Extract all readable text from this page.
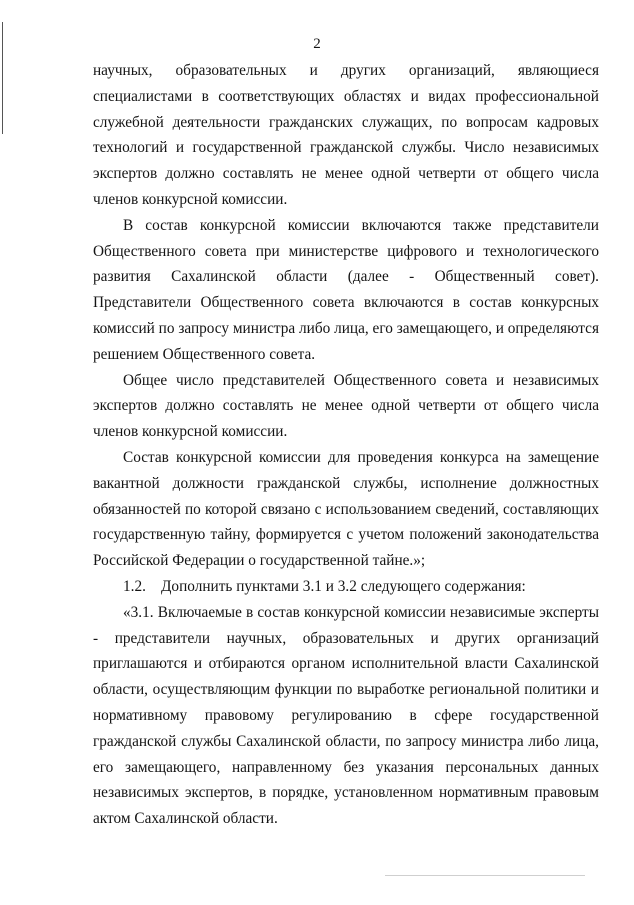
2

научных, образовательных и других организаций, являющиеся специалистами в соответствующих областях и видах профессиональной служебной деятельности гражданских служащих, по вопросам кадровых технологий и государственной гражданской службы. Число независимых экспертов должно составлять не менее одной четверти от общего числа членов конкурсной комиссии.

В состав конкурсной комиссии включаются также представители Общественного совета при министерстве цифрового и технологического развития Сахалинской области (далее - Общественный совет). Представители Общественного совета включаются в состав конкурсных комиссий по запросу министра либо лица, его замещающего, и определяются решением Общественного совета.

Общее число представителей Общественного совета и независимых экспертов должно составлять не менее одной четверти от общего числа членов конкурсной комиссии.

Состав конкурсной комиссии для проведения конкурса на замещение вакантной должности гражданской службы, исполнение должностных обязанностей по которой связано с использованием сведений, составляющих государственную тайну, формируется с учетом положений законодательства Российской Федерации о государственной тайне.»;

1.2. Дополнить пунктами 3.1 и 3.2 следующего содержания:

«3.1. Включаемые в состав конкурсной комиссии независимые эксперты - представители научных, образовательных и других организаций приглашаются и отбираются органом исполнительной власти Сахалинской области, осуществляющим функции по выработке региональной политики и нормативному правовому регулированию в сфере государственной гражданской службы Сахалинской области, по запросу министра либо лица, его замещающего, направленному без указания персональных данных независимых экспертов, в порядке, установленном нормативным правовым актом Сахалинской области.
